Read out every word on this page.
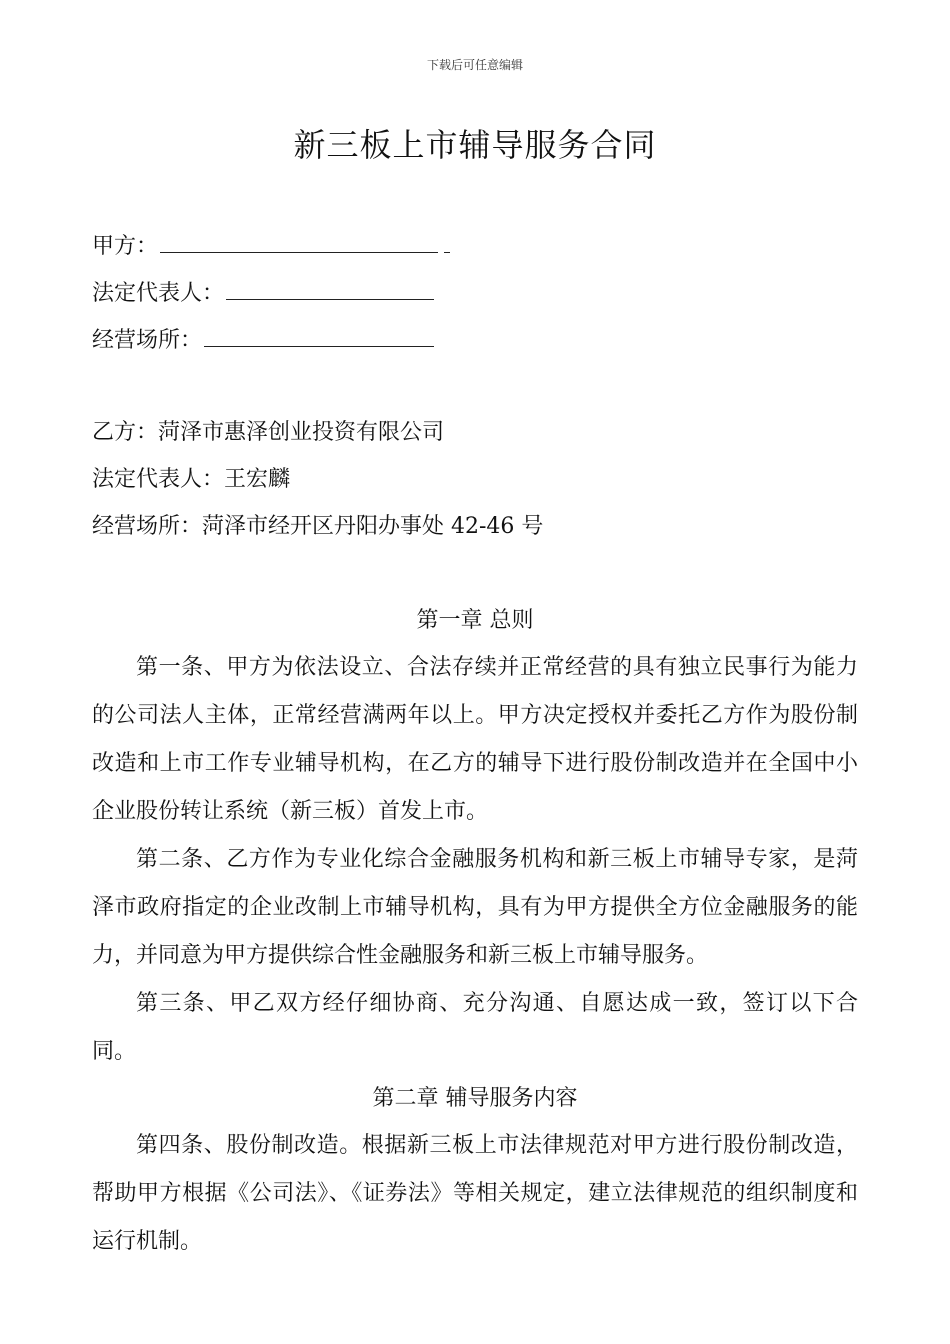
下载后可任意编辑
新三板上市辅导服务合同
甲方：
法定代表人：
经营场所：
乙方：菏泽市惠泽创业投资有限公司
法定代表人：王宏麟
经营场所：菏泽市经开区丹阳办事处 42-46 号
第一章 总则

第一条、甲方为依法设立、合法存续并正常经营的具有独立民事行为能力的公司法人主体，正常经营满两年以上。甲方决定授权并委托乙方作为股份制改造和上市工作专业辅导机构，在乙方的辅导下进行股份制改造并在全国中小企业股份转让系统（新三板）首发上市。

第二条、乙方作为专业化综合金融服务机构和新三板上市辅导专家，是菏泽市政府指定的企业改制上市辅导机构，具有为甲方提供全方位金融服务的能力，并同意为甲方提供综合性金融服务和新三板上市辅导服务。

第三条、甲乙双方经仔细协商、充分沟通、自愿达成一致，签订以下合同。

第二章 辅导服务内容

第四条、股份制改造。根据新三板上市法律规范对甲方进行股份制改造，帮助甲方根据《公司法》、《证券法》等相关规定，建立法律规范的组织制度和运行机制。
